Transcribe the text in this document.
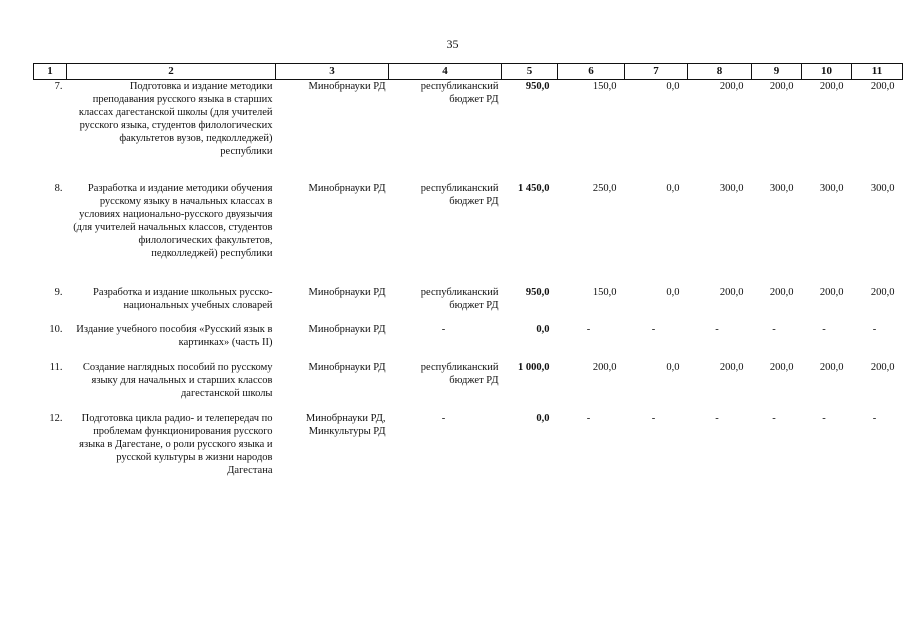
35
1	2	3	4	5	6	7	8	9	10	11
7.	Подготовка и издание методики преподавания русского языка в старших классах дагестанской школы (для учителей русского языка, студентов филологических факультетов вузов, педколледжей) республики	Минобрнауки РД	республиканский бюджет РД	950,0	150,0	0,0	200,0	200,0	200,0	200,0
8.	Разработка и издание методики обучения русскому языку в начальных классах в условиях национально-русского двуязычия (для учителей начальных классов, студентов филологических факультетов, педколледжей) республики	Минобрнауки РД	республиканский бюджет РД	1 450,0	250,0	0,0	300,0	300,0	300,0	300,0
9.	Разработка и издание школьных русско-национальных учебных словарей	Минобрнауки РД	республиканский бюджет РД	950,0	150,0	0,0	200,0	200,0	200,0	200,0
10.	Издание учебного пособия «Русский язык в картинках» (часть II)	Минобрнауки РД	-	0,0	-	-	-	-	-	-
11.	Создание наглядных пособий по русскому языку для начальных и старших классов дагестанской школы	Минобрнауки РД	республиканский бюджет РД	1 000,0	200,0	0,0	200,0	200,0	200,0	200,0
12.	Подготовка цикла радио- и телепередач по проблемам функционирования русского языка в Дагестане, о роли русского языка и русской культуры в жизни народов Дагестана	Минобрнауки РД, Минкультуры РД	-	0,0	-	-	-	-	-	-
